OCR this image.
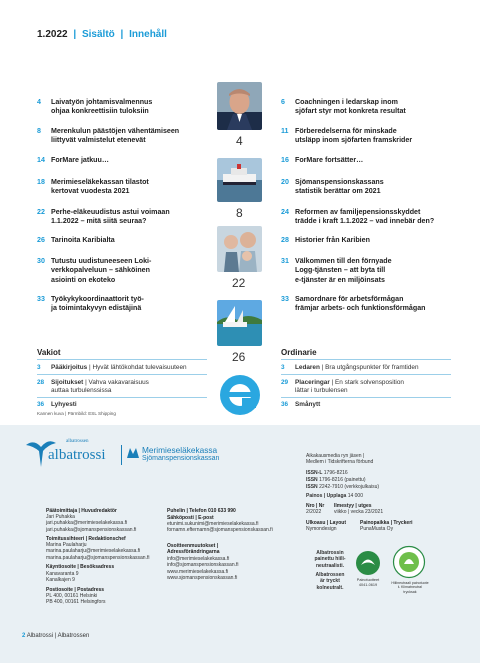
1.2022 | Sisältö | Innehåll
4	Laivatyön johtamisvalmennus
ohjaa konkreettisiin tuloksiin
8	Merenkulun päästöjen vähentämiseen
liittyvät valmistelut etenevät
14 ForMare jatkuu…
18 Merimieseläkekassan tilastot
kertovat vuodesta 2021
22 Perhe-eläkeuudistus astui voimaan
1.1.2022 – mitä siitä seuraa?
26 Tarinoita Karibialta
30 Tutustu uudistuneeseen Loki-
verkkopalveluun – sähköinen
asiointi on ekoteko
33 Työkykykoordinaattorit työ-
ja toimintakyvyn edistäjinä
4
8
22
26
6	Coachningen i ledarskap inom
sjöfart styr mot konkreta resultat
11 Förberedelserna för minskade
utsläpp inom sjöfarten framskrider
16 ForMare fortsätter…
20 Sjömanspensionskassans
statistik berättar om 2021
24 Reformen av familjepensionsskyddet
trädde i kraft 1.1.2022 – vad innebär den?
28 Historier från Karibien
31 Välkommen till den förnyade
Logg-tjänsten – att byta till
e-tjänster är en miljöinsats
33 Samordnare för arbetsförmågan
främjar arbets- och funktionsförmågan
Vakiot
3 Pääkirjoitus | Hyvät lähtökohdat tulevaisuuteen
28 Sijoitukset | Vahva vakavaraisuus
auttaa turbulenssissa
36 Lyhyesti
Ordinarie
3 Ledaren | Bra utgångspunkter för framtiden
29 Placeringar | En stark solvensposition
lättar i turbulensen
36 Smånytt
Kannen kuva | Pärmbild: ESL Shipping
albatrossen
albatrossi	Merimieseläkekassa
Sjömanspensionskassan
Päätoimittaja | Huvudredaktör
Jari Puhakka
jari.puhakka@merimieselakekassa.fi
jari.puhakka@sjomanspensionskassan.fi
Toimitussihteeri | Redaktionschef
Marina Paulaharju
marina.paulaharju@merimieselakekassa.fi
marina.paulaharju@sjomanspensionskassan.fi
Käyntiosoite | Besöksadress
Kanavaranta 9
Kanalkajen 9
Postiosoite | Postadress
PL 400, 00161 Helsinki
PB 400, 00161 Helsingfors
Puhelin | Telefon 010 633 990
Sähköposti | E-post
etunimi.sukunimi@merimieselakekassa.fi
fornamn.efternamn@sjomanspensionskassan.fi
Osoitteenmuutokset |
Adressförändringarna
info@merimieselakekassa.fi
info@sjomanspensionskassan.fi
www.merimieselakekassa.fi
www.sjomanspensionskassan.fi
Aikakausmedia ryn jäsen |
Medlem i Tidskrifterna förbund
ISSN-L 1796-8216
ISSN 1796-8216 (painettu)
ISSN 2242-7910 (verkkojulkaisu)
Painos | Upplaga 14 000
Nro | Nr
2/2022
Ilmestyy | utges
viikko | vecka 23/2021
Ulkoasu | Layout
Nymondesign
Painopaikka | Tryckeri
PunaMusta Oy
Albatrossin
painettu hiili-
neutraalisti.
Albatrossen
är tryckt
kolneutralt.
Painotuotteet
4041-0619	Hiilineutraali painotuote
Ł Klimatneutral
trycksak
2 Albatrossi | Albatrossen
